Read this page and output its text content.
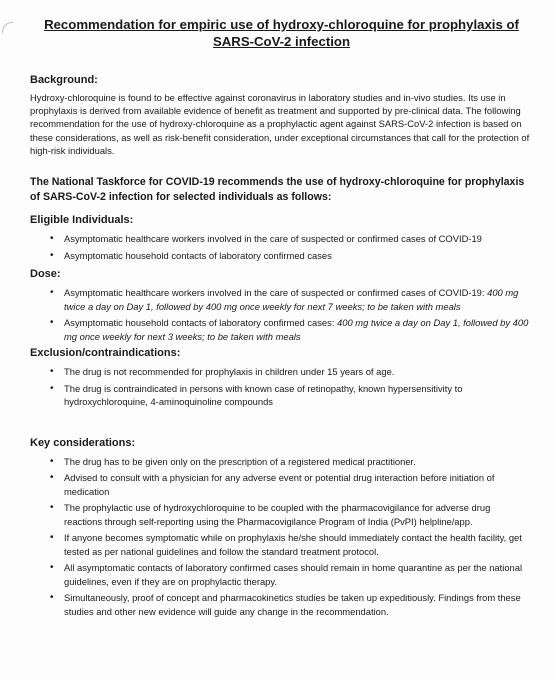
Recommendation for empiric use of hydroxy-chloroquine for prophylaxis of
SARS-CoV-2 infection

Background:

Hydroxy-chloroquine is found to be effective against coronavirus in laboratory studies and in-vivo studies. Its use in prophylaxis is derived from available evidence of benefit as treatment and supported by pre-clinical data. The following recommendation for the use of hydroxy-chloroquine as a prophylactic agent against SARS-CoV-2 infection is based on these considerations, as well as risk-benefit consideration, under exceptional circumstances that call for the protection of high-risk individuals.

The National Taskforce for COVID-19 recommends the use of hydroxy-chloroquine for prophylaxis of SARS-CoV-2 infection for selected individuals as follows:

Eligible Individuals:

• Asymptomatic healthcare workers involved in the care of suspected or confirmed cases of COVID-19
• Asymptomatic household contacts of laboratory confirmed cases

Dose:

• Asymptomatic healthcare workers involved in the care of suspected or confirmed cases of COVID-19: 400 mg twice a day on Day 1, followed by 400 mg once weekly for next 7 weeks; to be taken with meals
• Asymptomatic household contacts of laboratory confirmed cases: 400 mg twice a day on Day 1, followed by 400 mg once weekly for next 3 weeks; to be taken with meals

Exclusion/contraindications:

• The drug is not recommended for prophylaxis in children under 15 years of age.
• The drug is contraindicated in persons with known case of retinopathy, known hypersensitivity to hydroxychloroquine, 4-aminoquinoline compounds

Key considerations:

• The drug has to be given only on the prescription of a registered medical practitioner.
• Advised to consult with a physician for any adverse event or potential drug interaction before initiation of medication
• The prophylactic use of hydroxychloroquine to be coupled with the pharmacovigilance for adverse drug reactions through self-reporting using the Pharmacovigilance Program of India (PvPI) helpline/app.
• If anyone becomes symptomatic while on prophylaxis he/she should immediately contact the health facility, get tested as per national guidelines and follow the standard treatment protocol.
• All asymptomatic contacts of laboratory confirmed cases should remain in home quarantine as per the national guidelines, even if they are on prophylactic therapy.
• Simultaneously, proof of concept and pharmacokinetics studies be taken up expeditiously. Findings from these studies and other new evidence will guide any change in the recommendation.
